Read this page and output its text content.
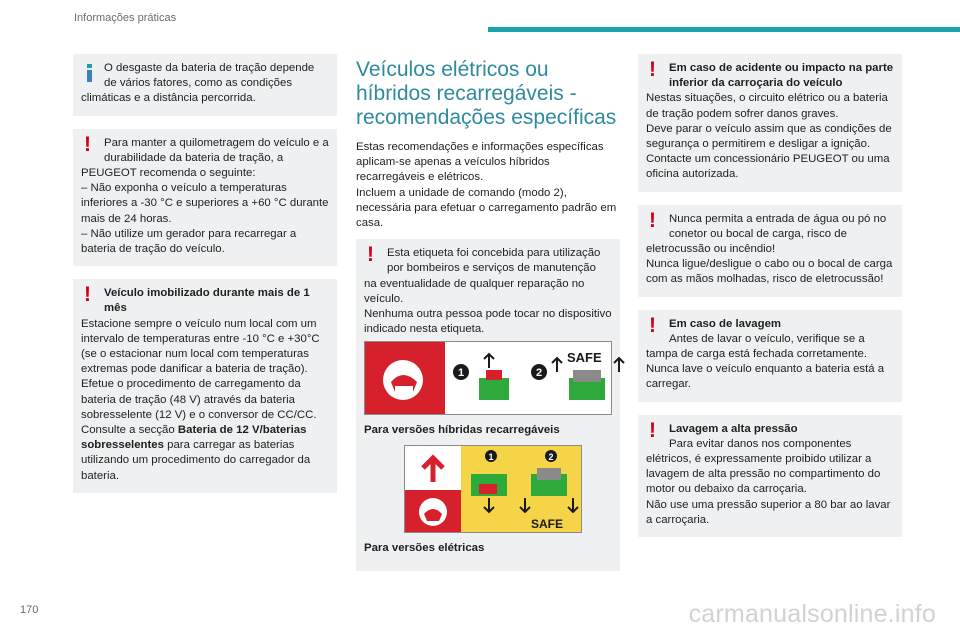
Informações práticas
O desgaste da bateria de tração depende de vários fatores, como as condições
climáticas e a distância percorrida.
!	Para manter a quilometragem do veículo e a durabilidade da bateria de tração, a
PEUGEOT recomenda o seguinte:
– Não exponha o veículo a temperaturas inferiores a -30 °C e superiores a +60 °C durante mais de 24 horas.
– Não utilize um gerador para recarregar a bateria de tração do veículo.
!	Veículo imobilizado durante mais de 1 mês
Estacione sempre o veículo num local com um intervalo de temperaturas entre -10 °C e +30°C (se o estacionar num local com temperaturas extremas pode danificar a bateria de tração).
Efetue o procedimento de carregamento da bateria de tração (48 V) através da bateria sobresselente (12 V) e o conversor de CC/CC.
Consulte a secção Bateria de 12 V/baterias sobresselentes para carregar as baterias utilizando um procedimento do carregador da bateria.
Veículos elétricos ou híbridos recarregáveis - recomendações específicas
Estas recomendações e informações específicas aplicam-se apenas a veículos híbridos recarregáveis e elétricos.
Incluem a unidade de comando (modo 2), necessária para efetuar o carregamento padrão em casa.
!	Esta etiqueta foi concebida para utilização por bombeiros e serviços de manutenção
na eventualidade de qualquer reparação no veículo.
Nenhuma outra pessoa pode tocar no dispositivo indicado nesta etiqueta.
1	2
SAFE
Para versões híbridas recarregáveis
1	2
SAFE
Para versões elétricas
!	Em caso de acidente ou impacto na parte inferior da carroçaria do veículo
Nestas situações, o circuito elétrico ou a bateria de tração podem sofrer danos graves.
Deve parar o veículo assim que as condições de segurança o permitirem e desligar a ignição.
Contacte um concessionário PEUGEOT ou uma oficina autorizada.
!	Nunca permita a entrada de água ou pó no conetor ou bocal de carga, risco de
eletrocussão ou incêndio!
Nunca ligue/desligue o cabo ou o bocal de carga com as mãos molhadas, risco de eletrocussão!
!	Em caso de lavagem
Antes de lavar o veículo, verifique se a
tampa de carga está fechada corretamente.
Nunca lave o veículo enquanto a bateria está a carregar.
!	Lavagem a alta pressão
Para evitar danos nos componentes
elétricos, é expressamente proibido utilizar a lavagem de alta pressão no compartimento do motor ou debaixo da carroçaria.
Não use uma pressão superior a 80 bar ao lavar a carroçaria.
170	carmanualsonline.info
